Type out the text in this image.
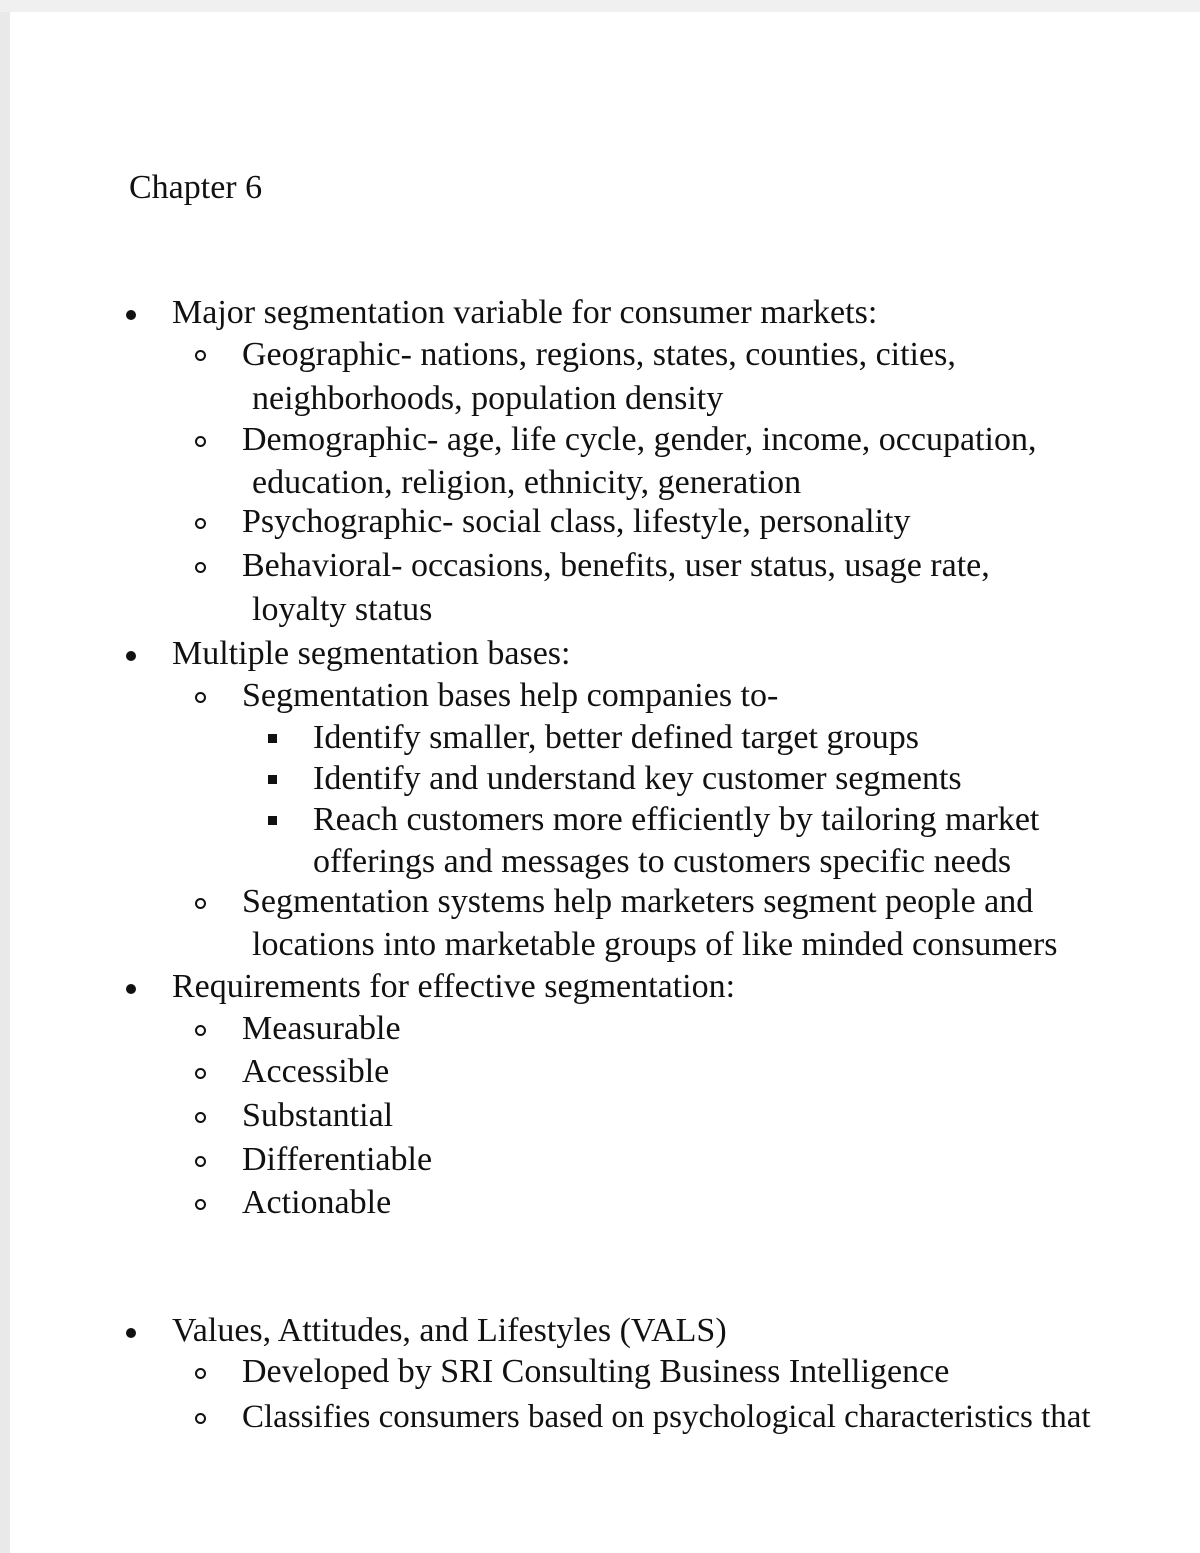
Chapter 6
Major segmentation variable for consumer markets:
Geographic- nations, regions, states, counties, cities,
neighborhoods, population density
Demographic- age, life cycle, gender, income, occupation,
education, religion, ethnicity, generation
Psychographic- social class, lifestyle, personality
Behavioral- occasions, benefits, user status, usage rate,
loyalty status
Multiple segmentation bases:
Segmentation bases help companies to-
Identify smaller, better defined target groups
Identify and understand key customer segments
Reach customers more efficiently by tailoring market
offerings and messages to customers specific needs
Segmentation systems help marketers segment people and
locations into marketable groups of like minded consumers
Requirements for effective segmentation:
Measurable
Accessible
Substantial
Differentiable
Actionable
Values, Attitudes, and Lifestyles (VALS)
Developed by SRI Consulting Business Intelligence
Classifies consumers based on psychological characteristics that
